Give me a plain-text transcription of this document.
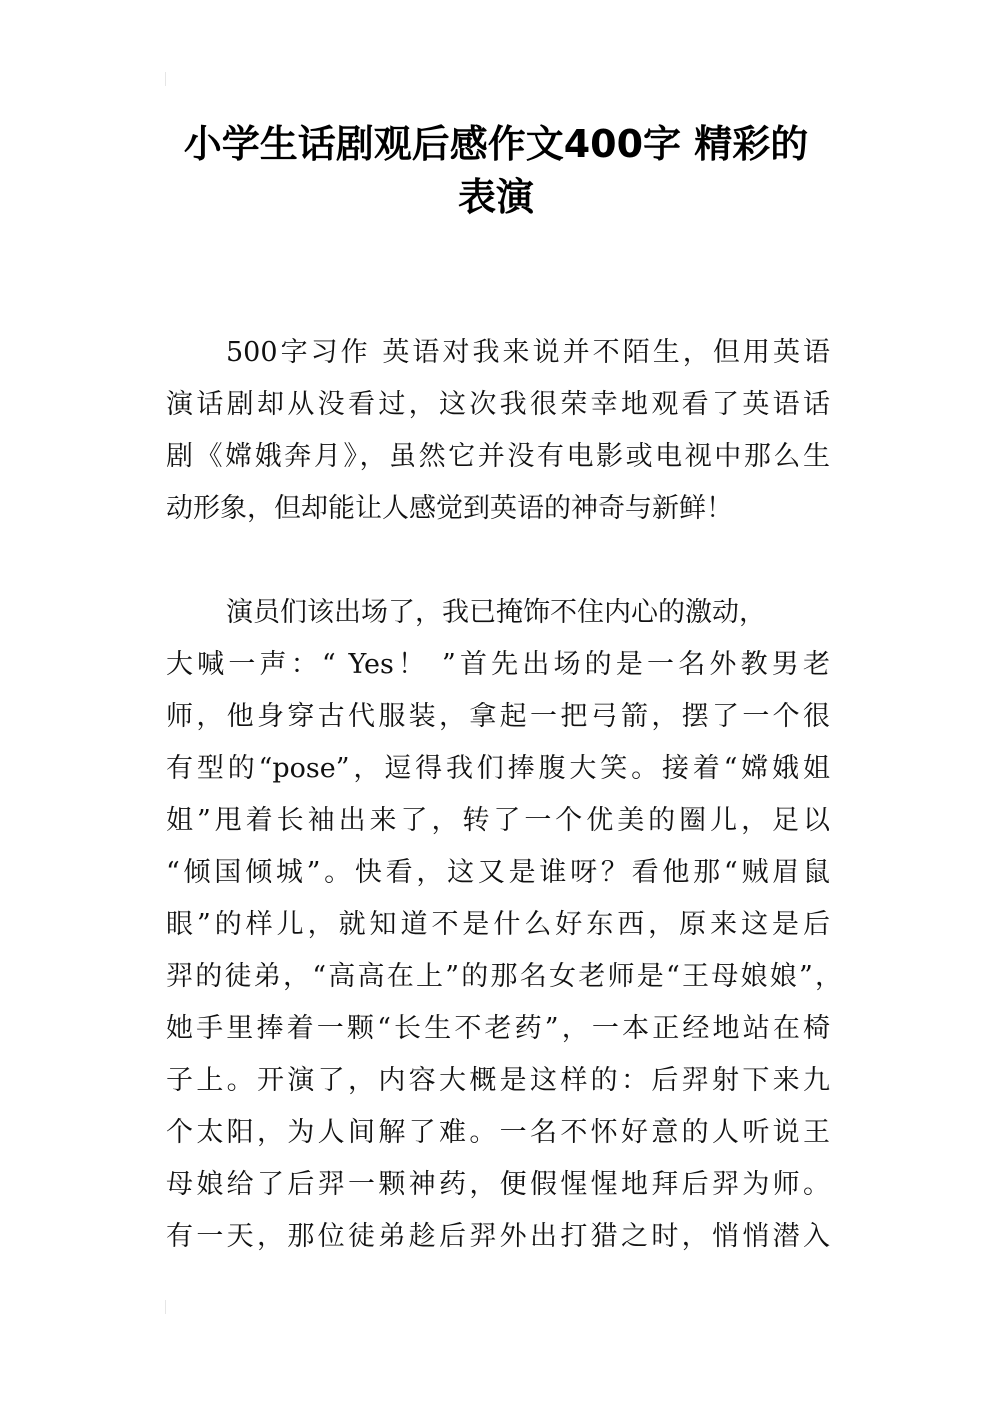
小学生话剧观后感作文400字 精彩的
表演
500字习作 英语对我来说并不陌生，但用英语
演话剧却从没看过，这次我很荣幸地观看了英语话
剧《嫦娥奔月》，虽然它并没有电影或电视中那么生
动形象，但却能让人感觉到英语的神奇与新鲜！
演员们该出场了，我已掩饰不住内心的激动，
大喊一声：“ Yes！ ”首先出场的是一名外教男老
师，他身穿古代服装，拿起一把弓箭，摆了一个很
有型的“pose”，逗得我们捧腹大笑。接着“嫦娥姐
姐”甩着长袖出来了，转了一个优美的圈儿，足以
“倾国倾城”。快看，这又是谁呀？看他那“贼眉鼠
眼”的样儿，就知道不是什么好东西，原来这是后
羿的徒弟，“高高在上”的那名女老师是“王母娘娘”，
她手里捧着一颗“长生不老药”，一本正经地站在椅
子上。开演了，内容大概是这样的：后羿射下来九
个太阳，为人间解了难。一名不怀好意的人听说王
母娘给了后羿一颗神药，便假惺惺地拜后羿为师。
有一天，那位徒弟趁后羿外出打猎之时，悄悄潜入
